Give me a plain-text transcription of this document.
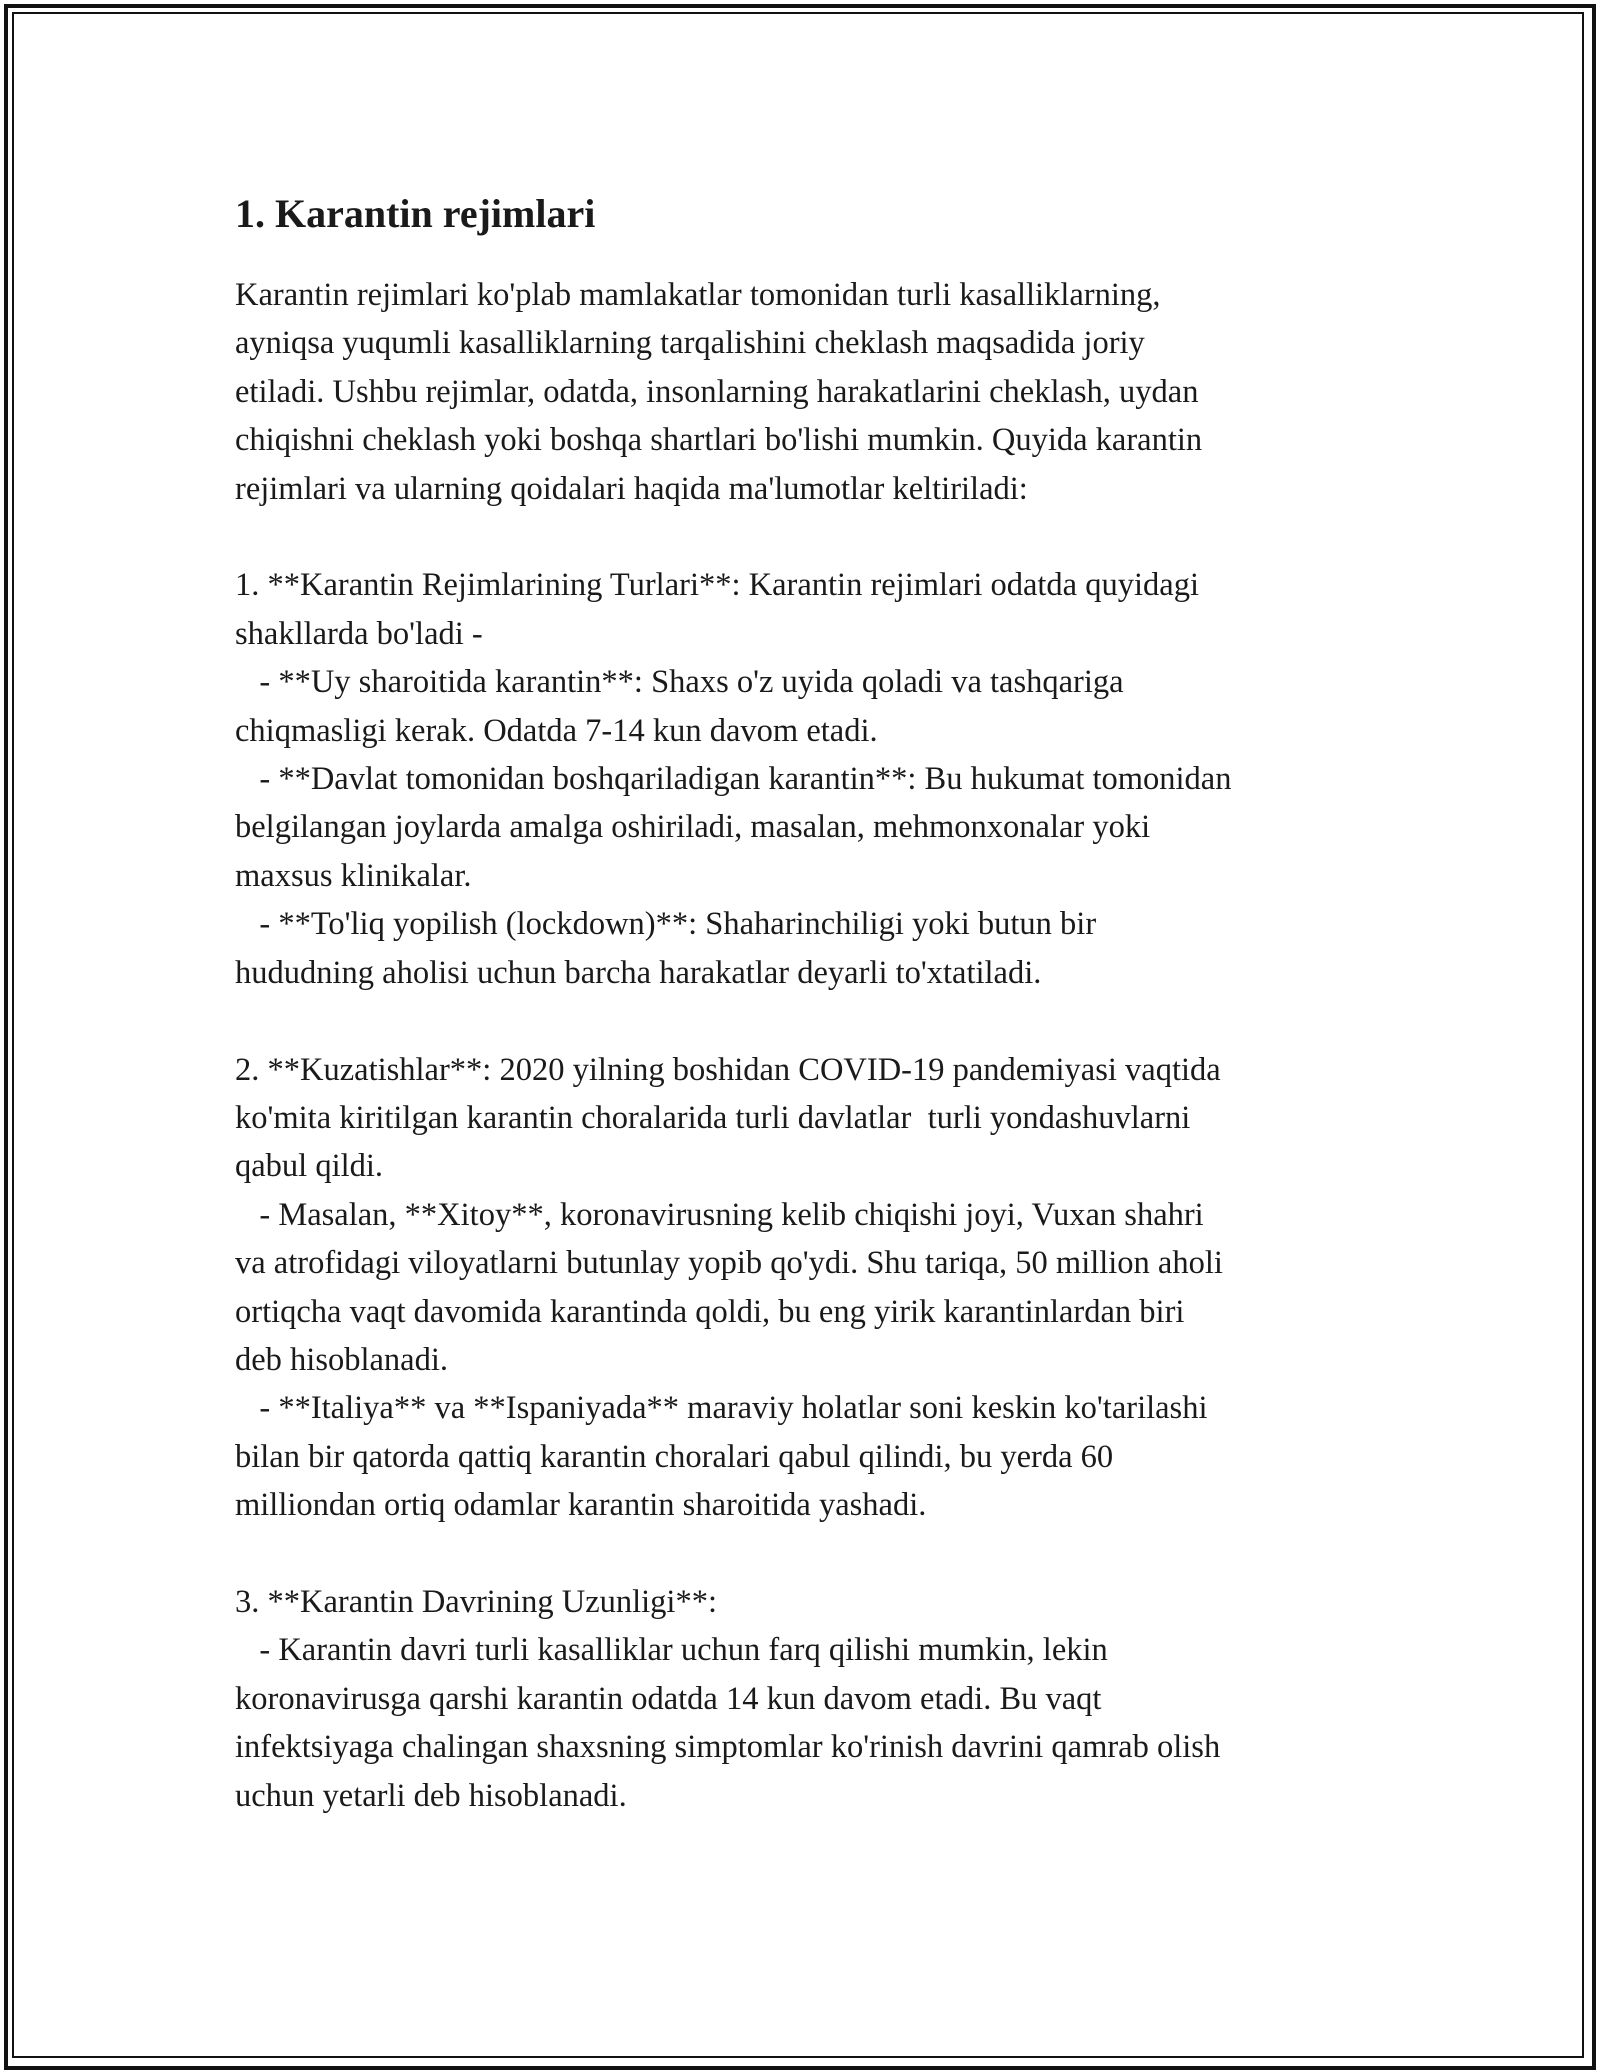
1. Karantin rejimlari

Karantin rejimlari ko'plab mamlakatlar tomonidan turli kasalliklarning,
ayniqsa yuqumli kasalliklarning tarqalishini cheklash maqsadida joriy
etiladi. Ushbu rejimlar, odatda, insonlarning harakatlarini cheklash, uydan
chiqishni cheklash yoki boshqa shartlari bo'lishi mumkin. Quyida karantin
rejimlari va ularning qoidalari haqida ma'lumotlar keltiriladi:

1. **Karantin Rejimlarining Turlari**: Karantin rejimlari odatda quyidagi
shakllarda bo'ladi -
- **Uy sharoitida karantin**: Shaxs o'z uyida qoladi va tashqariga
chiqmasligi kerak. Odatda 7-14 kun davom etadi.
- **Davlat tomonidan boshqariladigan karantin**: Bu hukumat tomonidan
belgilangan joylarda amalga oshiriladi, masalan, mehmonxonalar yoki
maxsus klinikalar.
- **To'liq yopilish (lockdown)**: Shaharinchiligi yoki butun bir
hududning aholisi uchun barcha harakatlar deyarli to'xtatiladi.

2. **Kuzatishlar**: 2020 yilning boshidan COVID-19 pandemiyasi vaqtida
ko'mita kiritilgan karantin choralarida turli davlatlar  turli yondashuvlarni
qabul qildi.
- Masalan, **Xitoy**, koronavirusning kelib chiqishi joyi, Vuxan shahri
va atrofidagi viloyatlarni butunlay yopib qo'ydi. Shu tariqa, 50 million aholi
ortiqcha vaqt davomida karantinda qoldi, bu eng yirik karantinlardan biri
deb hisoblanadi.
- **Italiya** va **Ispaniyada** maraviy holatlar soni keskin ko'tarilashi
bilan bir qatorda qattiq karantin choralari qabul qilindi, bu yerda 60
milliondan ortiq odamlar karantin sharoitida yashadi.

3. **Karantin Davrining Uzunligi**:
- Karantin davri turli kasalliklar uchun farq qilishi mumkin, lekin
koronavirusga qarshi karantin odatda 14 kun davom etadi. Bu vaqt
infektsiyaga chalingan shaxsning simptomlar ko'rinish davrini qamrab olish
uchun yetarli deb hisoblanadi.
